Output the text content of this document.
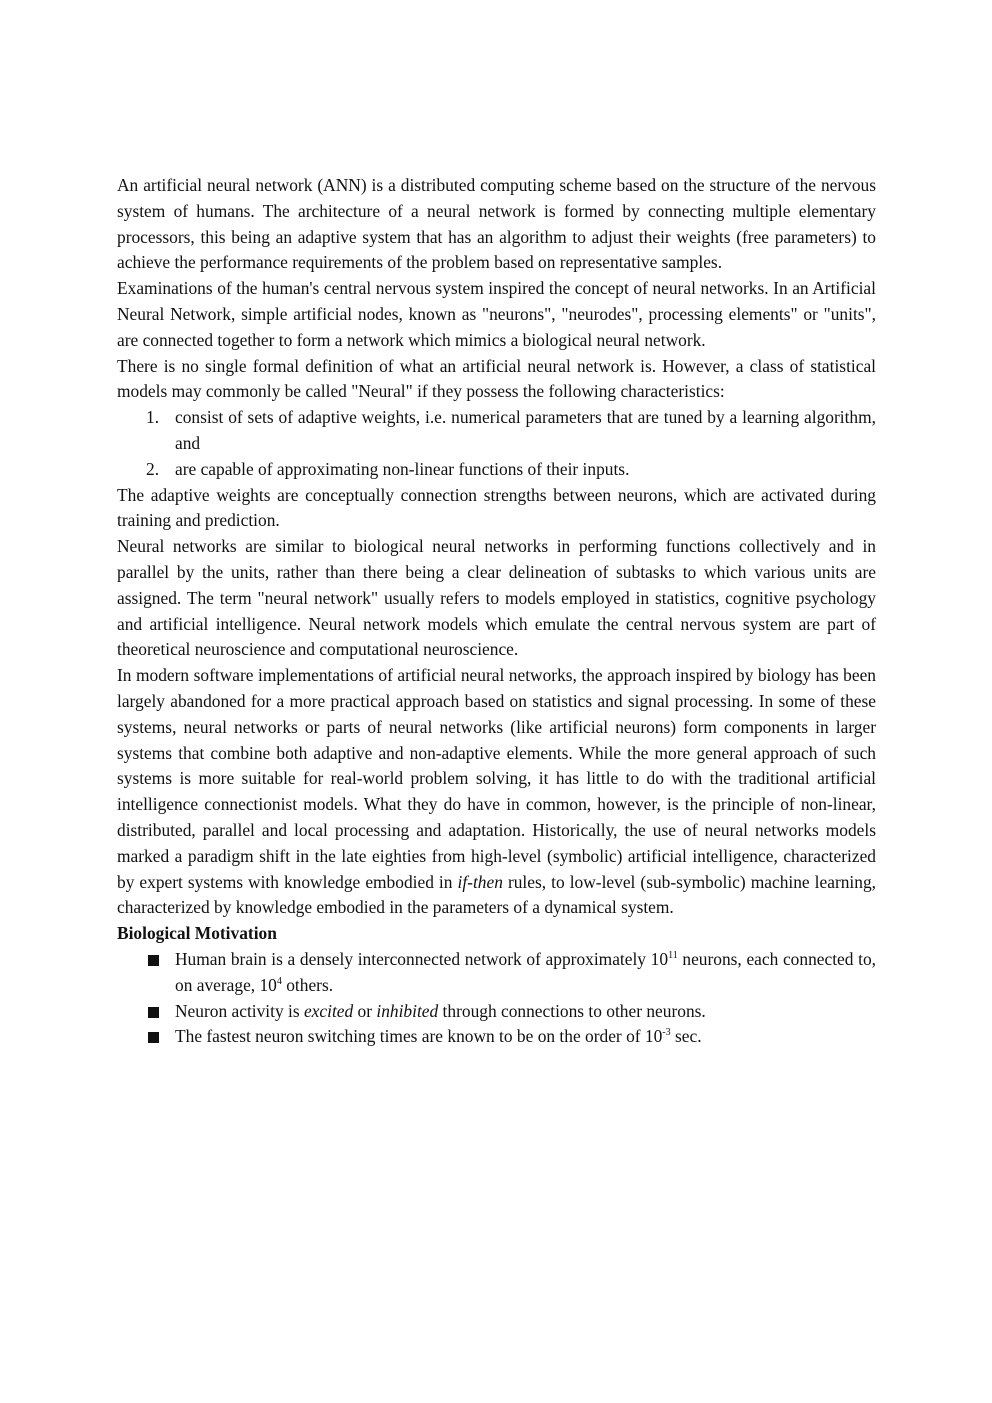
An artificial neural network (ANN) is a distributed computing scheme based on the structure of the nervous system of humans. The architecture of a neural network is formed by connecting multiple elementary processors, this being an adaptive system that has an algorithm to adjust their weights (free parameters) to achieve the performance requirements of the problem based on representative samples.

Examinations of the human's central nervous system inspired the concept of neural networks. In an Artificial Neural Network, simple artificial nodes, known as "neurons", "neurodes", processing elements" or "units", are connected together to form a network which mimics a biological neural network.

There is no single formal definition of what an artificial neural network is. However, a class of statistical models may commonly be called "Neural" if they possess the following characteristics:

1. consist of sets of adaptive weights, i.e. numerical parameters that are tuned by a learning algorithm, and
2. are capable of approximating non-linear functions of their inputs.

The adaptive weights are conceptually connection strengths between neurons, which are activated during training and prediction.

Neural networks are similar to biological neural networks in performing functions collectively and in parallel by the units, rather than there being a clear delineation of subtasks to which various units are assigned. The term "neural network" usually refers to models employed in statistics, cognitive psychology and artificial intelligence. Neural network models which emulate the central nervous system are part of theoretical neuroscience and computational neuroscience.

In modern software implementations of artificial neural networks, the approach inspired by biology has been largely abandoned for a more practical approach based on statistics and signal processing. In some of these systems, neural networks or parts of neural networks (like artificial neurons) form components in larger systems that combine both adaptive and non-adaptive elements. While the more general approach of such systems is more suitable for real-world problem solving, it has little to do with the traditional artificial intelligence connectionist models. What they do have in common, however, is the principle of non-linear, distributed, parallel and local processing and adaptation. Historically, the use of neural networks models marked a paradigm shift in the late eighties from high-level (symbolic) artificial intelligence, characterized by expert systems with knowledge embodied in if-then rules, to low-level (sub-symbolic) machine learning, characterized by knowledge embodied in the parameters of a dynamical system.

Biological Motivation
Human brain is a densely interconnected network of approximately $10^{11}$ neurons, each connected to, on average, $10^4$ others.
Neuron activity is excited or inhibited through connections to other neurons.
The fastest neuron switching times are known to be on the order of $10^{-3}$ sec.
